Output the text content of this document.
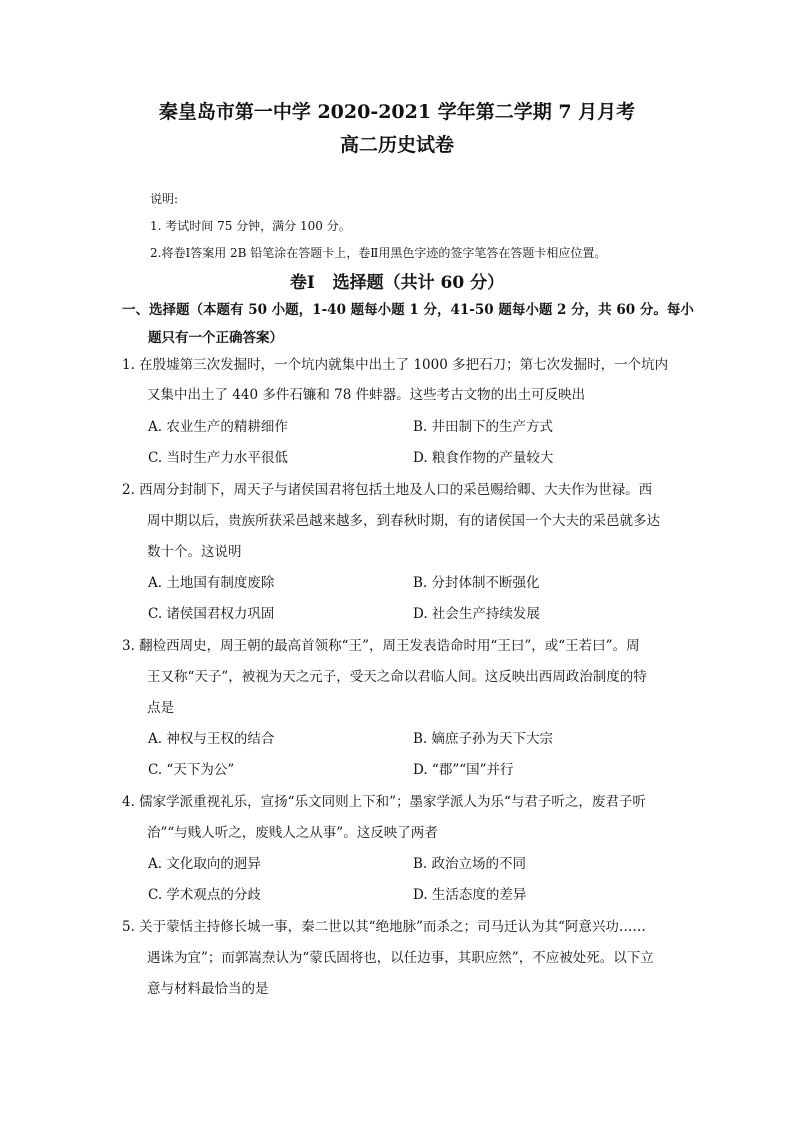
秦皇岛市第一中学 2020-2021 学年第二学期 7 月月考
高二历史试卷
说明:
1. 考试时间 75 分钟，满分 100 分。
2.将卷Ⅰ答案用 2B 铅笔涂在答题卡上，卷Ⅱ用黑色字迹的签字笔答在答题卡相应位置。
卷Ⅰ   选择题（共计 60 分）
一、选择题（本题有 50 小题，1-40 题每小题 1 分，41-50 题每小题 2 分，共 60 分。每小
题只有一个正确答案）
1. 在殷墟第三次发掘时，一个坑内就集中出土了 1000 多把石刀；第七次发掘时，一个坑内
又集中出土了 440 多件石镰和 78 件蚌器。这些考古文物的出土可反映出
A. 农业生产的精耕细作	B. 井田制下的生产方式
C. 当时生产力水平很低	D. 粮食作物的产量较大
2. 西周分封制下，周天子与诸侯国君将包括土地及人口的采邑赐给卿、大夫作为世禄。西
周中期以后，贵族所获采邑越来越多，到春秋时期，有的诸侯国一个大夫的采邑就多达
数十个。这说明
A. 土地国有制度废除	B. 分封体制不断强化
C. 诸侯国君权力巩固	D. 社会生产持续发展
3. 翻检西周史，周王朝的最高首领称“王”，周王发表诰命时用“王曰”，或“王若曰”。周
王又称“天子”，被视为天之元子，受天之命以君临人间。这反映出西周政治制度的特
点是
A. 神权与王权的结合	B. 嫡庶子孙为天下大宗
C. “天下为公”	D. “郡”“国”并行
4. 儒家学派重视礼乐，宣扬“乐文同则上下和”；墨家学派人为乐“与君子听之，废君子听
治”“与贱人听之，废贱人之从事”。这反映了两者
A. 文化取向的迥异	B. 政治立场的不同
C. 学术观点的分歧	D. 生活态度的差异
5. 关于蒙恬主持修长城一事，秦二世以其“绝地脉”而杀之；司马迁认为其“阿意兴功……
遇诛为宜”；而郭嵩焘认为“蒙氏固将也，以任边事，其职应然”，不应被处死。以下立
意与材料最恰当的是
